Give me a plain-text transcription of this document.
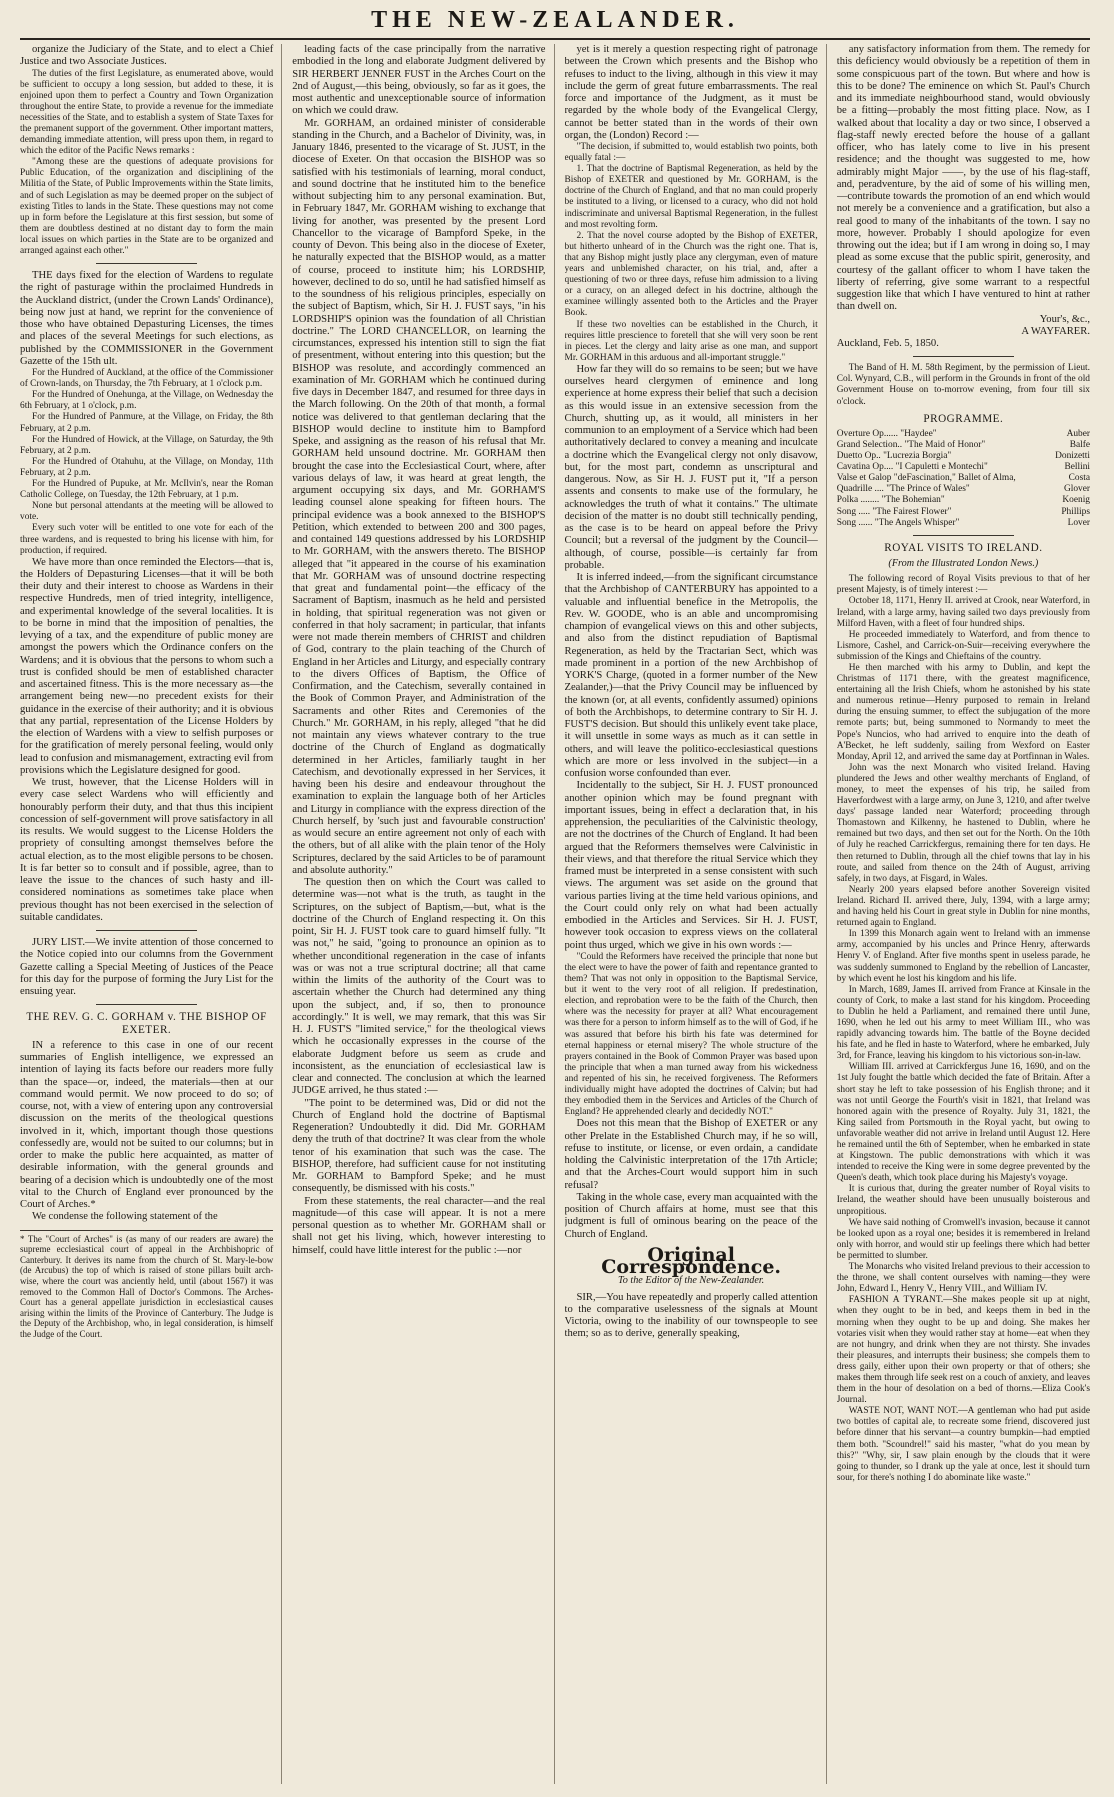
THE NEW-ZEALANDER.

organize the Judiciary of the State, and to elect a Chief Justice and two Associate Justices.

The duties of the first Legislature, as enumerated above, would be sufficient to occupy a long session, but added to these, it is enjoined upon them to perfect a Country and Town Organization throughout the entire State, to provide a revenue for the immediate necessities of the State, and to establish a system of State Taxes for the premanent support of the government. Other important matters, demanding immediate attention, will press upon them, in regard to which the editor of the Pacific News remarks :

"Among these are the questions of adequate provisions for Public Education, of the organization and disciplining of the Militia of the State, of Public Improvements within the State limits, and of such Legislation as may be deemed proper on the subject of existing Titles to lands in the State. These questions may not come up in form before the Legislature at this first session, but some of them are doubtless destined at no distant day to form the main local issues on which parties in the State are to be organized and arranged against each other."

THE days fixed for the election of Wardens to regulate the right of pasturage within the proclaimed Hundreds in the Auckland district, (under the Crown Lands' Ordinance), being now just at hand, we reprint for the convenience of those who have obtained Depasturing Licenses, the times and places of the several Meetings for such elections, as published by the COMMISSIONER in the Government Gazette of the 15th ult.

For the Hundred of Auckland, at the office of the Commissioner of Crown-lands, on Thursday, the 7th February, at 1 o'clock p.m.

For the Hundred of Onehunga, at the Village, on Wednesday the 6th February, at 1 o'clock, p.m.

For the Hundred of Panmure, at the Village, on Friday, the 8th February, at 2 p.m.

For the Hundred of Howick, at the Village, on Saturday, the 9th February, at 2 p.m.

For the Hundred of Otahuhu, at the Village, on Monday, 11th February, at 2 p.m.

For the Hundred of Pupuke, at Mr. McIlvin's, near the Roman Catholic College, on Tuesday, the 12th February, at 1 p.m.

None but personal attendants at the meeting will be allowed to vote.

Every such voter will be entitled to one vote for each of the three wardens, and is requested to bring his license with him, for production, if required.

We have more than once reminded the Electors—that is, the Holders of Depasturing Licenses—that it will be both their duty and their interest to choose as Wardens in their respective Hundreds, men of tried integrity, intelligence, and experimental knowledge of the several localities. It is to be borne in mind that the imposition of penalties, the levying of a tax, and the expenditure of public money are amongst the powers which the Ordinance confers on the Wardens; and it is obvious that the persons to whom such a trust is confided should be men of established character and ascertained fitness. This is the more necessary as—the arrangement being new—no precedent exists for their guidance in the exercise of their authority; and it is obvious that any partial, representation of the License Holders by the election of Wardens with a view to selfish purposes or for the gratification of merely personal feeling, would only lead to confusion and mismanagement, extracting evil from provisions which the Legislature designed for good.

We trust, however, that the License Holders will in every case select Wardens who will efficiently and honourably perform their duty, and that thus this incipient concession of self-government will prove satisfactory in all its results. We would suggest to the License Holders the propriety of consulting amongst themselves before the actual election, as to the most eligible persons to be chosen. It is far better so to consult and if possible, agree, than to leave the issue to the chances of such hasty and ill-considered nominations as sometimes take place when previous thought has not been exercised in the selection of suitable candidates.

JURY LIST.—We invite attention of those concerned to the Notice copied into our columns from the Government Gazette calling a Special Meeting of Justices of the Peace for this day for the purpose of forming the Jury List for the ensuing year.

THE REV. G. C. GORHAM v. THE BISHOP OF EXETER.

IN a reference to this case in one of our recent summaries of English intelligence, we expressed an intention of laying its facts before our readers more fully than the space—or, indeed, the materials—then at our command would permit. We now proceed to do so; of course, not, with a view of entering upon any controversial discussion on the merits of the theological questions involved in it, which, important though those questions confessedly are, would not be suited to our columns; but in order to make the public here acquainted, as matter of desirable information, with the general grounds and bearing of a decision which is undoubtedly one of the most vital to the Church of England ever pronounced by the Court of Arches.*

We condense the following statement of the

* The "Court of Arches" is (as many of our readers are aware) the supreme ecclesiastical court of appeal in the Archbishopric of Canterbury. It derives its name from the church of St. Mary-le-bow (de Arcubus) the top of which is raised of stone pillars built arch-wise, where the court was anciently held, until (about 1567) it was removed to the Common Hall of Doctor's Commons. The Arches-Court has a general appellate jurisdiction in ecclesiastical causes arising within the limits of the Province of Canterbury. The Judge is the Deputy of the Archbishop, who, in legal consideration, is himself the Judge of the Court.

leading facts of the case principally from the narrative embodied in the long and elaborate Judgment delivered by SIR HERBERT JENNER FUST in the Arches Court on the 2nd of August,—this being, obviously, so far as it goes, the most authentic and unexceptionable source of information on which we could draw.

Mr. GORHAM, an ordained minister of considerable standing in the Church, and a Bachelor of Divinity, was, in January 1846, presented to the vicarage of St. JUST, in the diocese of Exeter. On that occasion the BISHOP was so satisfied with his testimonials of learning, moral conduct, and sound doctrine that he instituted him to the benefice without subjecting him to any personal examination. But, in February 1847, Mr. GORHAM wishing to exchange that living for another, was presented by the present Lord Chancellor to the vicarage of Bampford Speke, in the county of Devon. This being also in the diocese of Exeter, he naturally expected that the BISHOP would, as a matter of course, proceed to institute him; his LORDSHIP, however, declined to do so, until he had satisfied himself as to the soundness of his religious principles, especially on the subject of Baptism, which, Sir H. J. FUST says, "in his LORDSHIP'S opinion was the foundation of all Christian doctrine." The LORD CHANCELLOR, on learning the circumstances, expressed his intention still to sign the fiat of presentment, without entering into this question; but the BISHOP was resolute, and accordingly commenced an examination of Mr. GORHAM which he continued during five days in December 1847, and resumed for three days in the March following. On the 20th of that month, a formal notice was delivered to that gentleman declaring that the BISHOP would decline to institute him to Bampford Speke, and assigning as the reason of his refusal that Mr. GORHAM held unsound doctrine. Mr. GORHAM then brought the case into the Ecclesiastical Court, where, after various delays of law, it was heard at great length, the argument occupying six days, and Mr. GORHAM'S leading counsel alone speaking for fifteen hours. The principal evidence was a book annexed to the BISHOP'S Petition, which extended to between 200 and 300 pages, and contained 149 questions addressed by his LORDSHIP to Mr. GORHAM, with the answers thereto. The BISHOP alleged that "it appeared in the course of his examination that Mr. GORHAM was of unsound doctrine respecting that great and fundamental point—the efficacy of the Sacrament of Baptism, inasmuch as he held and persisted in holding, that spiritual regeneration was not given or conferred in that holy sacrament; in particular, that infants were not made therein members of CHRIST and children of God, contrary to the plain teaching of the Church of England in her Articles and Liturgy, and especially contrary to the divers Offices of Baptism, the Office of Confirmation, and the Catechism, severally contained in the Book of Common Prayer, and Administration of the Sacraments and other Rites and Ceremonies of the Church." Mr. GORHAM, in his reply, alleged "that he did not maintain any views whatever contrary to the true doctrine of the Church of England as dogmatically determined in her Articles, familiarly taught in her Catechism, and devotionally expressed in her Services, it having been his desire and endeavour throughout the examination to explain the language both of her Articles and Liturgy in compliance with the express direction of the Church herself, by 'such just and favourable construction' as would secure an entire agreement not only of each with the others, but of all alike with the plain tenor of the Holy Scriptures, declared by the said Articles to be of paramount and absolute authority."

The question then on which the Court was called to determine was—not what is the truth, as taught in the Scriptures, on the subject of Baptism,—but, what is the doctrine of the Church of England respecting it. On this point, Sir H. J. FUST took care to guard himself fully. "It was not," he said, "going to pronounce an opinion as to whether unconditional regeneration in the case of infants was or was not a true scriptural doctrine; all that came within the limits of the authority of the Court was to ascertain whether the Church had determined any thing upon the subject, and, if so, then to pronounce accordingly." It is well, we may remark, that this was Sir H. J. FUST'S "limited service," for the theological views which he occasionally expresses in the course of the elaborate Judgment before us seem as crude and inconsistent, as the enunciation of ecclesiastical law is clear and connected. The conclusion at which the learned JUDGE arrived, he thus stated :—

"The point to be determined was, Did or did not the Church of England hold the doctrine of Baptismal Regeneration? Undoubtedly it did. Did Mr. GORHAM deny the truth of that doctrine? It was clear from the whole tenor of his examination that such was the case. The BISHOP, therefore, had sufficient cause for not instituting Mr. GORHAM to Bampford Speke; and he must consequently, be dismissed with his costs."

From these statements, the real character—and the real magnitude—of this case will appear. It is not a mere personal question as to whether Mr. GORHAM shall or shall not get his living, which, however interesting to himself, could have little interest for the public :—nor

yet is it merely a question respecting right of patronage between the Crown which presents and the Bishop who refuses to induct to the living, although in this view it may include the germ of great future embarrassments. The real force and importance of the Judgment, as it must be regarded by the whole body of the Evangelical Clergy, cannot be better stated than in the words of their own organ, the (London) Record :—

"The decision, if submitted to, would establish two points, both equally fatal :—

1. That the doctrine of Baptismal Regeneration, as held by the Bishop of EXETER and questioned by Mr. GORHAM, is the doctrine of the Church of England, and that no man could properly be instituted to a living, or licensed to a curacy, who did not hold indiscriminate and universal Baptismal Regeneration, in the fullest and most revolting form.

2. That the novel course adopted by the Bishop of EXETER, but hitherto unheard of in the Church was the right one. That is, that any Bishop might justly place any clergyman, even of mature years and unblemished character, on his trial, and, after a questioning of two or three days, refuse him admission to a living or a curacy, on an alleged defect in his doctrine, although the examinee willingly assented both to the Articles and the Prayer Book.

If these two novelties can be established in the Church, it requires little prescience to foretell that she will very soon be rent in pieces. Let the clergy and laity arise as one man, and support Mr. GORHAM in this arduous and all-important struggle."

How far they will do so remains to be seen; but we have ourselves heard clergymen of eminence and long experience at home express their belief that such a decision as this would issue in an extensive secession from the Church, shutting up, as it would, all ministers in her communion to an employment of a Service which had been authoritatively declared to convey a meaning and inculcate a doctrine which the Evangelical clergy not only disavow, but, for the most part, condemn as unscriptural and dangerous. Now, as Sir H. J. FUST put it, "If a person assents and consents to make use of the formulary, he acknowledges the truth of what it contains." The ultimate decision of the matter is no doubt still technically pending, as the case is to be heard on appeal before the Privy Council; but a reversal of the judgment by the Council—although, of course, possible—is certainly far from probable.

It is inferred indeed,—from the significant circumstance that the Archbishop of CANTERBURY has appointed to a valuable and influential benefice in the Metropolis, the Rev. W. GOODE, who is an able and uncompromising champion of evangelical views on this and other subjects, and also from the distinct repudiation of Baptismal Regeneration, as held by the Tractarian Sect, which was made prominent in a portion of the new Archbishop of YORK'S Charge, (quoted in a former number of the New Zealander,)—that the Privy Council may be influenced by the known (or, at all events, confidently assumed) opinions of both the Archbishops, to determine contrary to Sir H. J. FUST'S decision. But should this unlikely event take place, it will unsettle in some ways as much as it can settle in others, and will leave the politico-ecclesiastical questions which are more or less involved in the subject—in a confusion worse confounded than ever.

Incidentally to the subject, Sir H. J. FUST pronounced another opinion which may be found pregnant with important issues, being in effect a declaration that, in his apprehension, the peculiarities of the Calvinistic theology, are not the doctrines of the Church of England. It had been argued that the Reformers themselves were Calvinistic in their views, and that therefore the ritual Service which they framed must be interpreted in a sense consistent with such views. The argument was set aside on the ground that various parties living at the time held various opinions, and the Court could only rely on what had been actually embodied in the Articles and Services. Sir H. J. FUST, however took occasion to express views on the collateral point thus urged, which we give in his own words :—

"Could the Reformers have received the principle that none but the elect were to have the power of faith and repentance granted to them? That was not only in opposition to the Baptismal Service, but it went to the very root of all religion. If predestination, election, and reprobation were to be the faith of the Church, then where was the necessity for prayer at all? What encouragement was there for a person to inform himself as to the will of God, if he was assured that before his birth his fate was determined for eternal happiness or eternal misery? The whole structure of the prayers contained in the Book of Common Prayer was based upon the principle that when a man turned away from his wickedness and repented of his sin, he received forgiveness. The Reformers individually might have adopted the doctrines of Calvin; but had they embodied them in the Services and Articles of the Church of England? He apprehended clearly and decidedly NOT."

Does not this mean that the Bishop of EXETER or any other Prelate in the Established Church may, if he so will, refuse to institute, or license, or even ordain, a candidate holding the Calvinistic interpretation of the 17th Article; and that the Arches-Court would support him in such refusal?

Taking in the whole case, every man acquainted with the position of Church affairs at home, must see that this judgment is full of ominous bearing on the peace of the Church of England.

Original Correspondence.

To the Editor of the New-Zealander.

SIR,—You have repeatedly and properly called attention to the comparative uselessness of the signals at Mount Victoria, owing to the inability of our townspeople to see them; so as to derive, generally speaking,

any satisfactory information from them. The remedy for this deficiency would obviously be a repetition of them in some conspicuous part of the town. But where and how is this to be done? The eminence on which St. Paul's Church and its immediate neighbourhood stand, would obviously be a fitting—probably the most fitting place. Now, as I walked about that locality a day or two since, I observed a flag-staff newly erected before the house of a gallant officer, who has lately come to live in his present residence; and the thought was suggested to me, how admirably might Major ——, by the use of his flag-staff, and, peradventure, by the aid of some of his willing men, —contribute towards the promotion of an end which would not merely be a convenience and a gratification, but also a real good to many of the inhabitants of the town. I say no more, however. Probably I should apologize for even throwing out the idea; but if I am wrong in doing so, I may plead as some excuse that the public spirit, generosity, and courtesy of the gallant officer to whom I have taken the liberty of referring, give some warrant to a respectful suggestion like that which I have ventured to hint at rather than dwell on.

Your's, &c.,
A WAYFARER.
Auckland, Feb. 5, 1850.

The Band of H. M. 58th Regiment, by the permission of Lieut. Col. Wynyard, C.B., will perform in the Grounds in front of the old Government House on to-morrow evening, from four till six o'clock.

PROGRAMME.
Overture Op...... "Haydee"	Auber
Grand Selection.. "The Maid of Honor"	Balfe
Duetto Op.. "Lucrezia Borgia"	Donizetti
Cavatina Op.... "I Capuletti e Montechi"	Bellini
Valse et Galop "deFascination," Ballet of Alma,	Costa
Quadrille .... "The Prince of Wales"	Glover
Polka ........ "The Bohemian"	Koenig
Song ..... "The Fairest Flower"	Phillips
Song ...... "The Angels Whisper"	Lover
ROYAL VISITS TO IRELAND.
(From the Illustrated London News.)

The following record of Royal Visits previous to that of her present Majesty, is of timely interest :—

October 18, 1171, Henry II. arrived at Crook, near Waterford, in Ireland, with a large army, having sailed two days previously from Milford Haven, with a fleet of four hundred ships.

He proceeded immediately to Waterford, and from thence to Lismore, Cashel, and Carrick-on-Suir—receiving everywhere the submission of the Kings and Chieftains of the country.

He then marched with his army to Dublin, and kept the Christmas of 1171 there, with the greatest magnificence, entertaining all the Irish Chiefs, whom he astonished by his state and numerous retinue—Henry purposed to remain in Ireland during the ensuing summer, to effect the subjugation of the more remote parts; but, being summoned to Normandy to meet the Pope's Nuncios, who had arrived to enquire into the death of A'Becket, he left suddenly, sailing from Wexford on Easter Monday, April 12, and arrived the same day at Portfinnan in Wales.

John was the next Monarch who visited Ireland. Having plundered the Jews and other wealthy merchants of England, of money, to meet the expenses of his trip, he sailed from Haverfordwest with a large army, on June 3, 1210, and after twelve days' passage landed near Waterford; proceeding through Thomastown and Kilkenny, he hastened to Dublin, where he remained but two days, and then set out for the North. On the 10th of July he reached Carrickfergus, remaining there for ten days. He then returned to Dublin, through all the chief towns that lay in his route, and sailed from thence on the 24th of August, arriving safely, in two days, at Fisgard, in Wales.

Nearly 200 years elapsed before another Sovereign visited Ireland. Richard II. arrived there, July, 1394, with a large army; and having held his Court in great style in Dublin for nine months, returned again to England.

In 1399 this Monarch again went to Ireland with an immense army, accompanied by his uncles and Prince Henry, afterwards Henry V. of England. After five months spent in useless parade, he was suddenly summoned to England by the rebellion of Lancaster, by which event he lost his kingdom and his life.

In March, 1689, James II. arrived from France at Kinsale in the county of Cork, to make a last stand for his kingdom. Proceeding to Dublin he held a Parliament, and remained there until June, 1690, when he led out his army to meet William III., who was rapidly advancing towards him. The battle of the Boyne decided his fate, and he fled in haste to Waterford, where he embarked, July 3rd, for France, leaving his kingdom to his victorious son-in-law.

William III. arrived at Carrickfergus June 16, 1690, and on the 1st July fought the battle which decided the fate of Britain. After a short stay he left to take possession of his English throne; and it was not until George the Fourth's visit in 1821, that Ireland was honored again with the presence of Royalty. July 31, 1821, the King sailed from Portsmouth in the Royal yacht, but owing to unfavorable weather did not arrive in Ireland until August 12. Here he remained until the 6th of September, when he embarked in state at Kingstown. The public demonstrations with which it was intended to receive the King were in some degree prevented by the Queen's death, which took place during his Majesty's voyage.

It is curious that, during the greater number of Royal visits to Ireland, the weather should have been unusually boisterous and unpropitious.

We have said nothing of Cromwell's invasion, because it cannot be looked upon as a royal one; besides it is remembered in Ireland only with horror, and would stir up feelings there which had better be permitted to slumber.

The Monarchs who visited Ireland previous to their accession to the throne, we shall content ourselves with naming—they were John, Edward I., Henry V., Henry VIII., and William IV.

FASHION A TYRANT.—She makes people sit up at night, when they ought to be in bed, and keeps them in bed in the morning when they ought to be up and doing. She makes her votaries visit when they would rather stay at home—eat when they are not hungry, and drink when they are not thirsty. She invades their pleasures, and interrupts their business; she compels them to dress gaily, either upon their own property or that of others; she makes them through life seek rest on a couch of anxiety, and leaves them in the hour of desolation on a bed of thorns.—Eliza Cook's Journal.

WASTE NOT, WANT NOT.—A gentleman who had put aside two bottles of capital ale, to recreate some friend, discovered just before dinner that his servant—a country bumpkin—had emptied them both. "Scoundrel!" said his master, "what do you mean by this?" "Why, sir, I saw plain enough by the clouds that it were going to thunder, so I drank up the yale at once, lest it should turn sour, for there's nothing I do abominate like waste."
